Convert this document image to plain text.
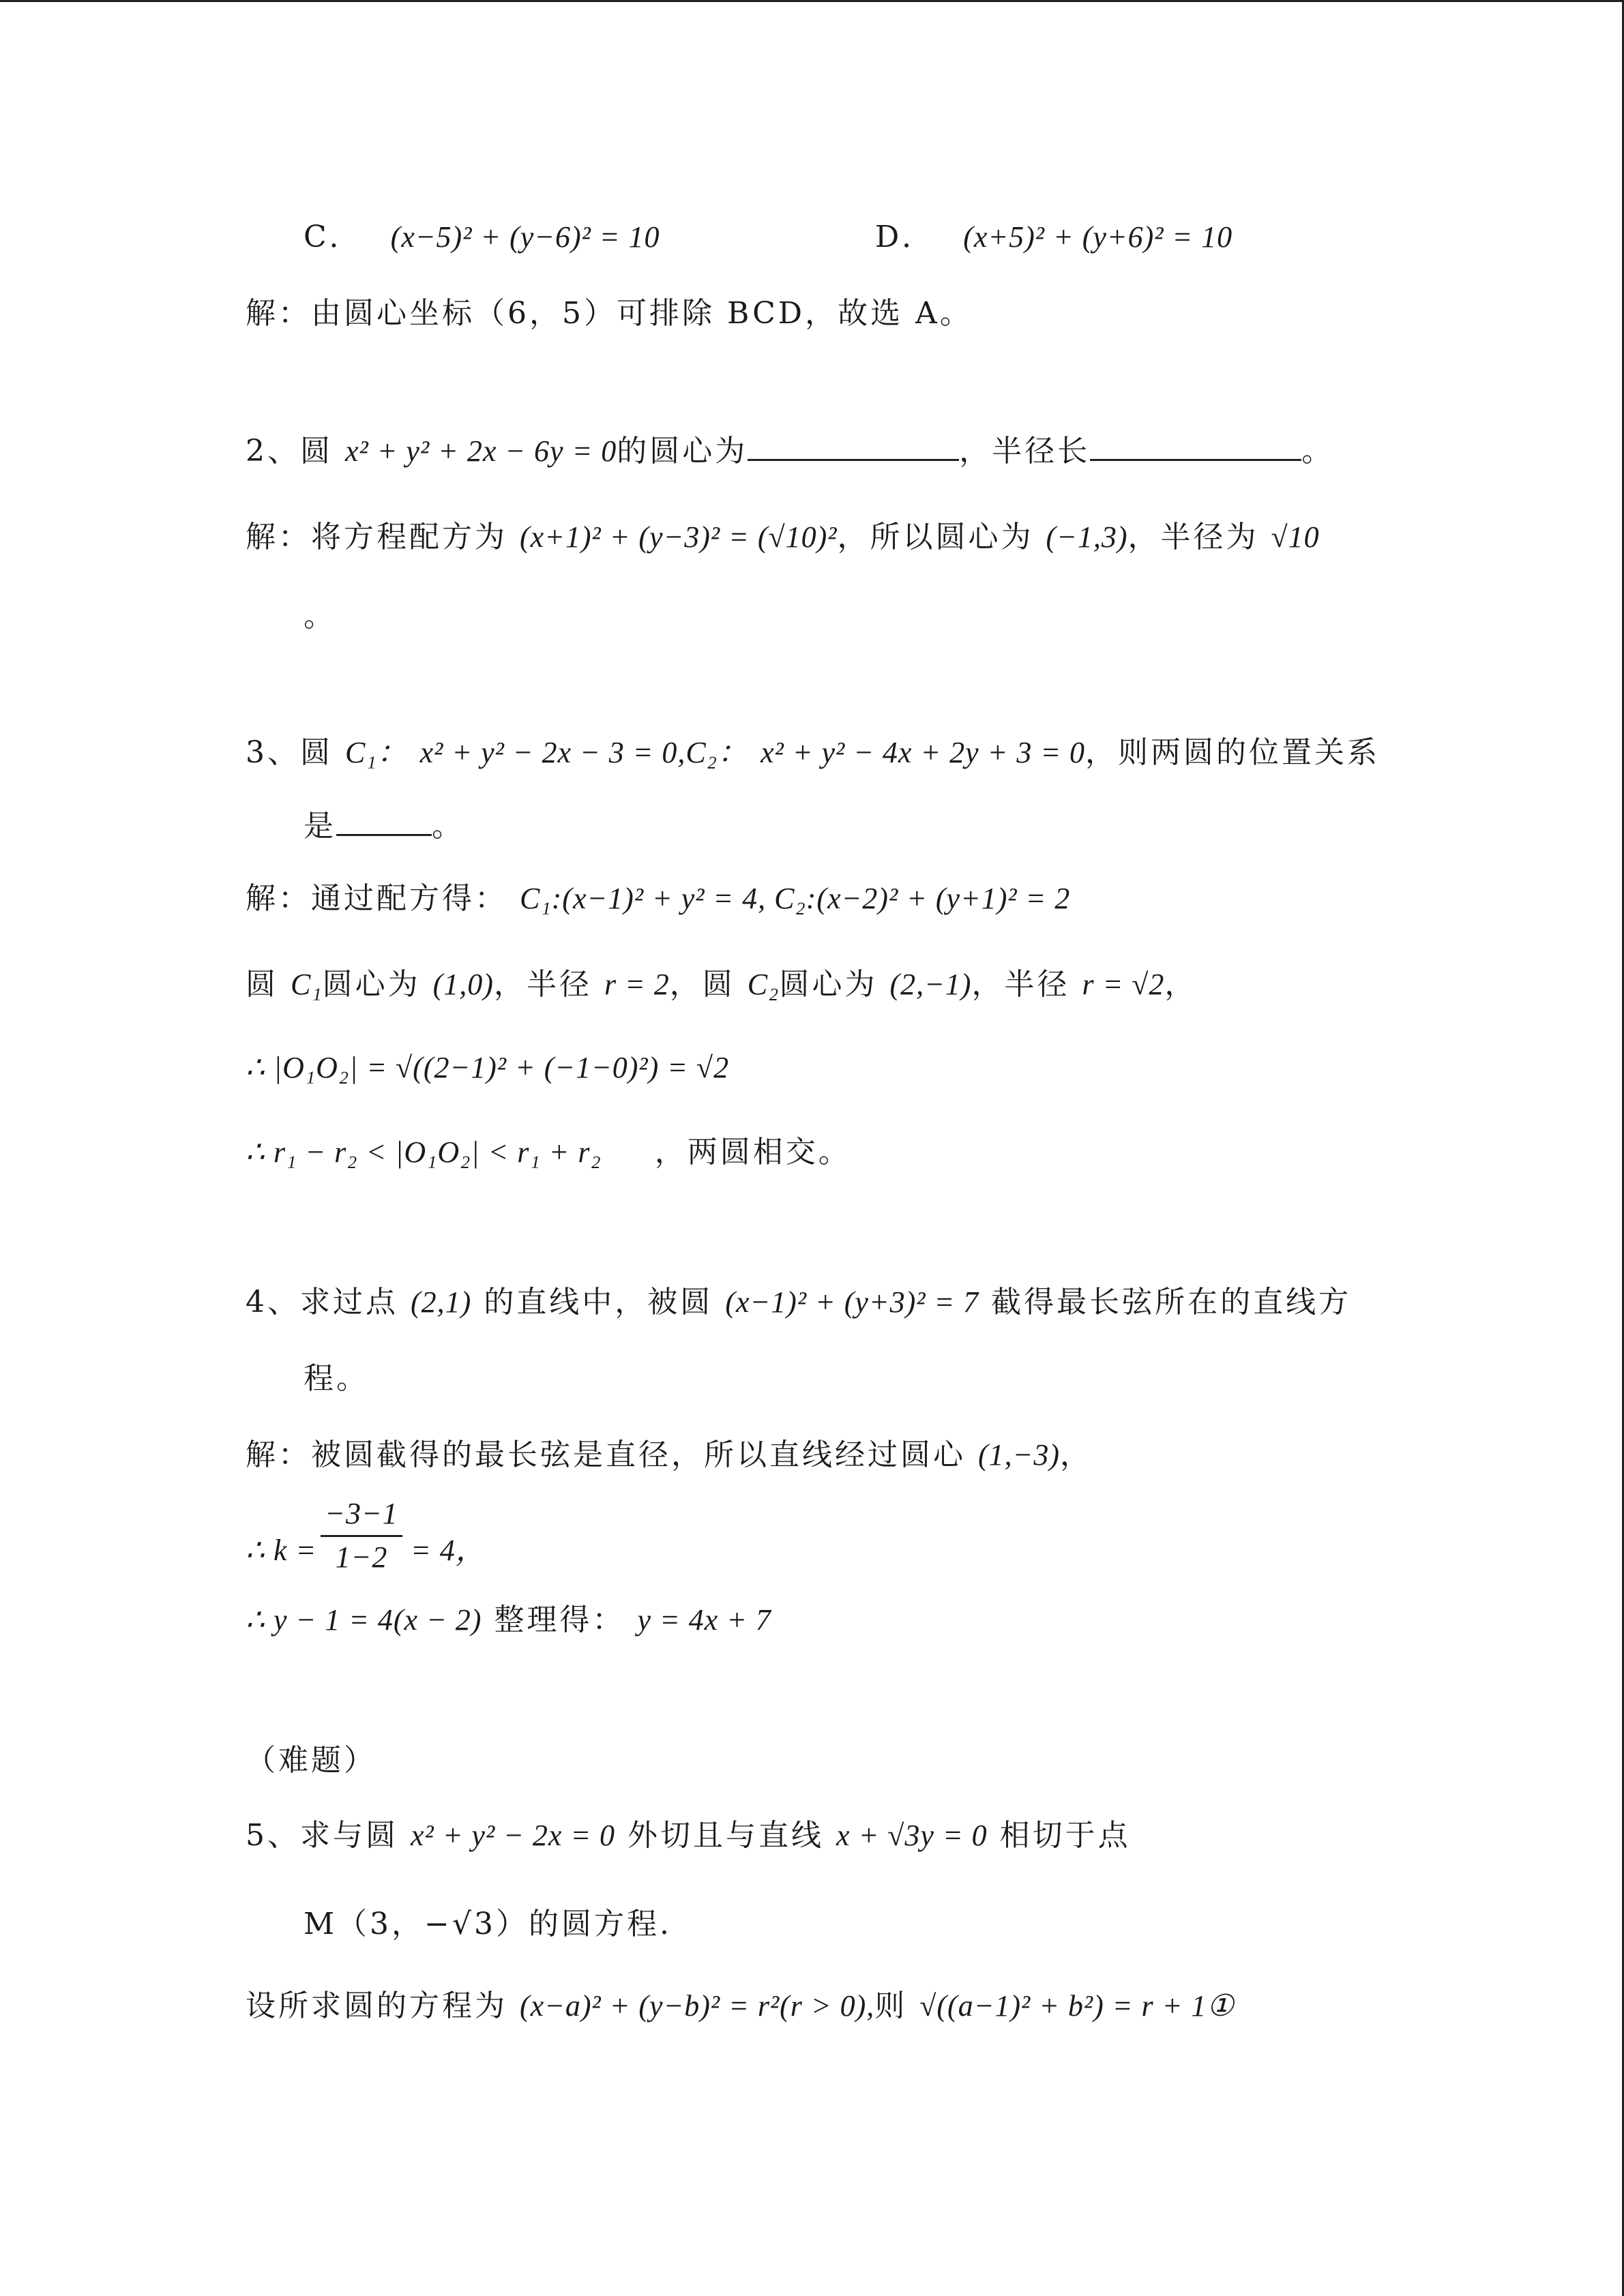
C． (x−5)² + (y−6)² = 10	D． (x+5)² + (y+6)² = 10
解：由圆心坐标（6，5）可排除 BCD，故选 A。
2、圆 x² + y² + 2x − 6y = 0的圆心为	，半径长	。
解：将方程配方为 (x+1)² + (y−3)² = (√10)²，所以圆心为 (−1,3)，半径为 √10
。
3、圆 C₁： x² + y² − 2x − 3 = 0,C₂： x² + y² − 4x + 2y + 3 = 0，则两圆的位置关系
是	。
解：通过配方得： C₁:(x−1)² + y² = 4, C₂:(x−2)² + (y+1)² = 2
圆 C₁圆心为 (1,0)，半径 r = 2，圆 C₂圆心为 (2,−1)，半径 r = √2，
∴ |O₁O₂| = √((2−1)² + (−1−0)²) = √2
∴ r₁ − r₂ < |O₁O₂| < r₁ + r₂ ，两圆相交。
4、求过点 (2,1) 的直线中，被圆 (x−1)² + (y+3)² = 7 截得最长弦所在的直线方
程。
解：被圆截得的最长弦是直径，所以直线经过圆心 (1,−3)，
∴ k =
−3−1
1−2 = 4，
∴ y − 1 = 4(x − 2) 整理得： y = 4x + 7
（难题）
5、求与圆 x² + y² − 2x = 0 外切且与直线 x + √3y = 0 相切于点
M（3，−√3）的圆方程.
设所求圆的方程为 (x−a)² + (y−b)² = r²(r > 0),则 √((a−1)² + b²) = r + 1①
